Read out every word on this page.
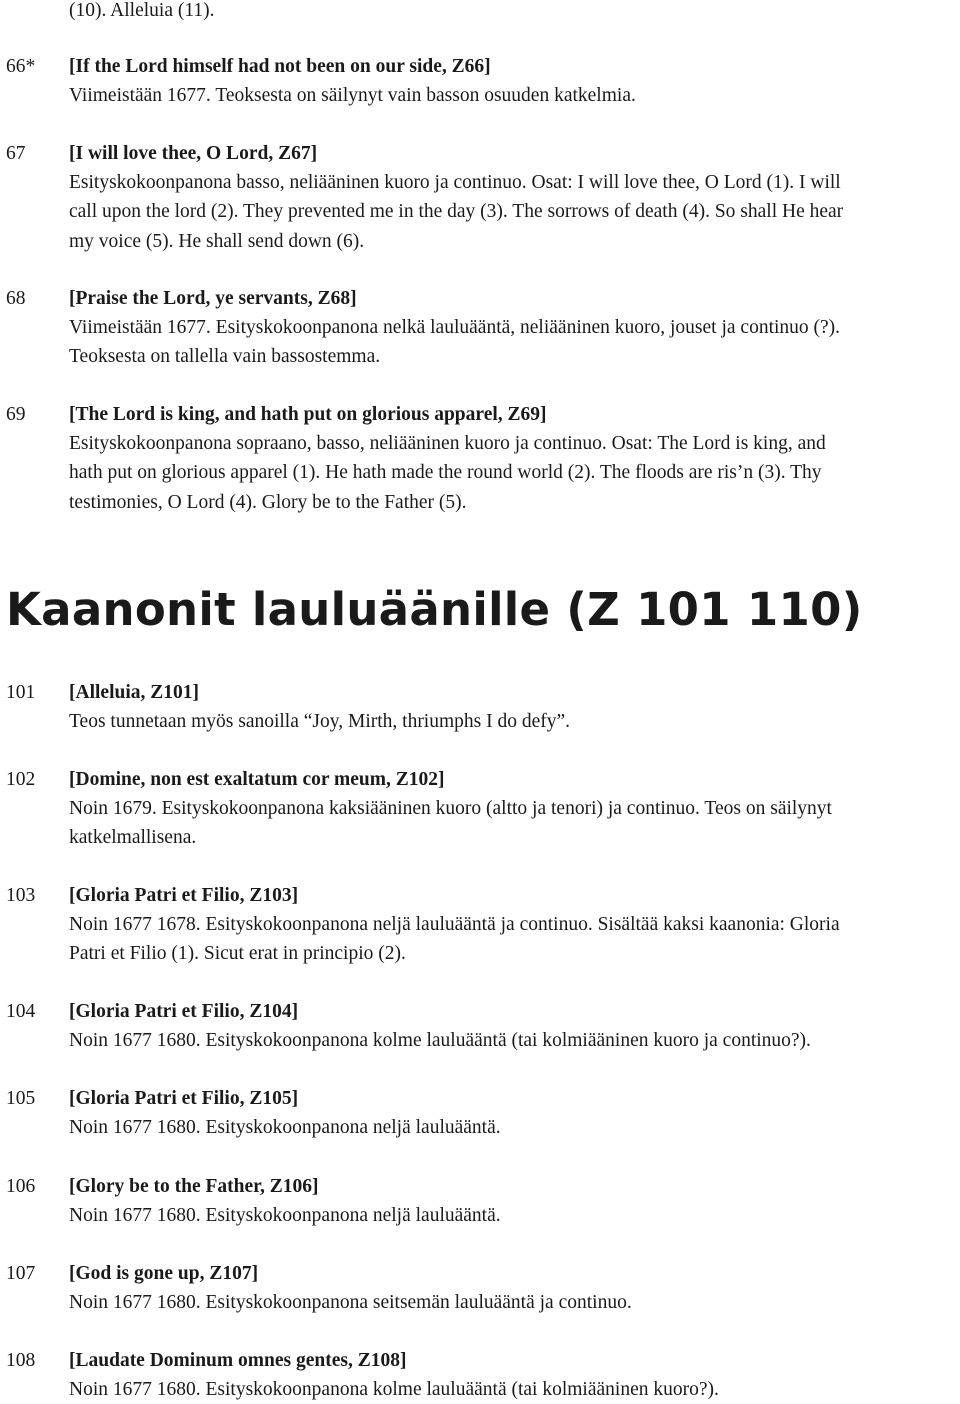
(10). Alleluia (11).

66*	[If the Lord himself had not been on our side, Z66]
Viimeistään 1677. Teoksesta on säilynyt vain basson osuuden katkelmia.
67	[I will love thee, O Lord, Z67]
Esityskokoonpanona basso, neliääninen kuoro ja continuo. Osat: I will love thee, O Lord (1). I will
call upon the lord (2). They prevented me in the day (3). The sorrows of death (4). So shall He hear
my voice (5). He shall send down (6).
68	[Praise the Lord, ye servants, Z68]
Viimeistään 1677. Esityskokoonpanona nelkä lauluääntä, neliääninen kuoro, jouset ja continuo (?).
Teoksesta on tallella vain bassostemma.
69	[The Lord is king, and hath put on glorious apparel, Z69]
Esityskokoonpanona sopraano, basso, neliääninen kuoro ja continuo. Osat: The Lord is king, and
hath put on glorious apparel (1). He hath made the round world (2). The floods are ris’n (3). Thy
testimonies, O Lord (4). Glory be to the Father (5).
Kaanonit lauluäänille (Z 101 110)
101	[Alleluia, Z101]
Teos tunnetaan myös sanoilla “Joy, Mirth, thriumphs I do defy”.
102	[Domine, non est exaltatum cor meum, Z102]
Noin 1679. Esityskokoonpanona kaksiääninen kuoro (altto ja tenori) ja continuo. Teos on säilynyt
katkelmallisena.
103	[Gloria Patri et Filio, Z103]
Noin 1677 1678. Esityskokoonpanona neljä lauluääntä ja continuo. Sisältää kaksi kaanonia: Gloria
Patri et Filio (1). Sicut erat in principio (2).
104	[Gloria Patri et Filio, Z104]
Noin 1677 1680. Esityskokoonpanona kolme lauluääntä (tai kolmiääninen kuoro ja continuo?).
105	[Gloria Patri et Filio, Z105]
Noin 1677 1680. Esityskokoonpanona neljä lauluääntä.
106	[Glory be to the Father, Z106]
Noin 1677 1680. Esityskokoonpanona neljä lauluääntä.
107	[God is gone up, Z107]
Noin 1677 1680. Esityskokoonpanona seitsemän lauluääntä ja continuo.
108	[Laudate Dominum omnes gentes, Z108]
Noin 1677 1680. Esityskokoonpanona kolme lauluääntä (tai kolmiääninen kuoro?).
